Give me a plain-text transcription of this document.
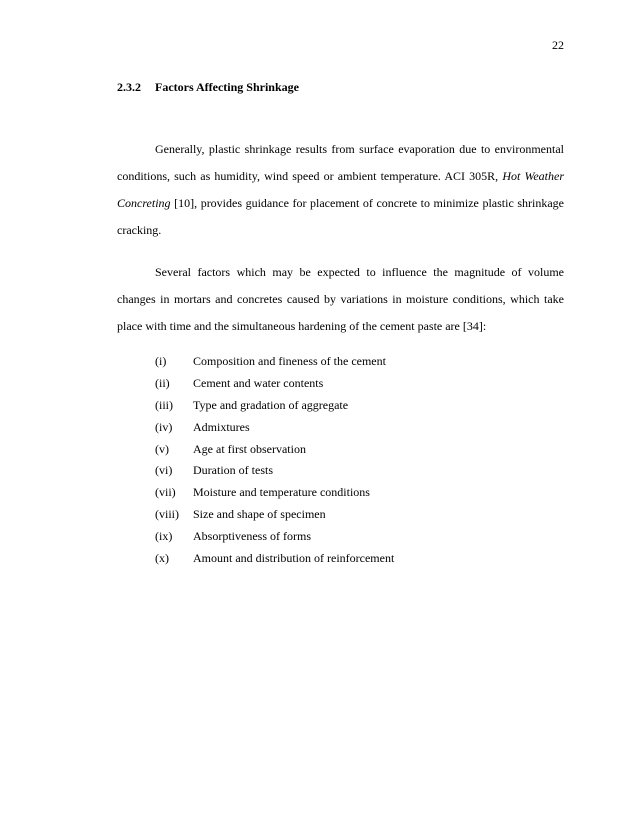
22
2.3.2 Factors Affecting Shrinkage

Generally, plastic shrinkage results from surface evaporation due to environmental conditions, such as humidity, wind speed or ambient temperature. ACI 305R, Hot Weather Concreting [10], provides guidance for placement of concrete to minimize plastic shrinkage cracking.

Several factors which may be expected to influence the magnitude of volume changes in mortars and concretes caused by variations in moisture conditions, which take place with time and the simultaneous hardening of the cement paste are [34]:

(i)	Composition and fineness of the cement
(ii)	Cement and water contents
(iii)	Type and gradation of aggregate
(iv)	Admixtures
(v)	Age at first observation
(vi)	Duration of tests
(vii)	Moisture and temperature conditions
(viii)	Size and shape of specimen
(ix)	Absorptiveness of forms
(x)	Amount and distribution of reinforcement
